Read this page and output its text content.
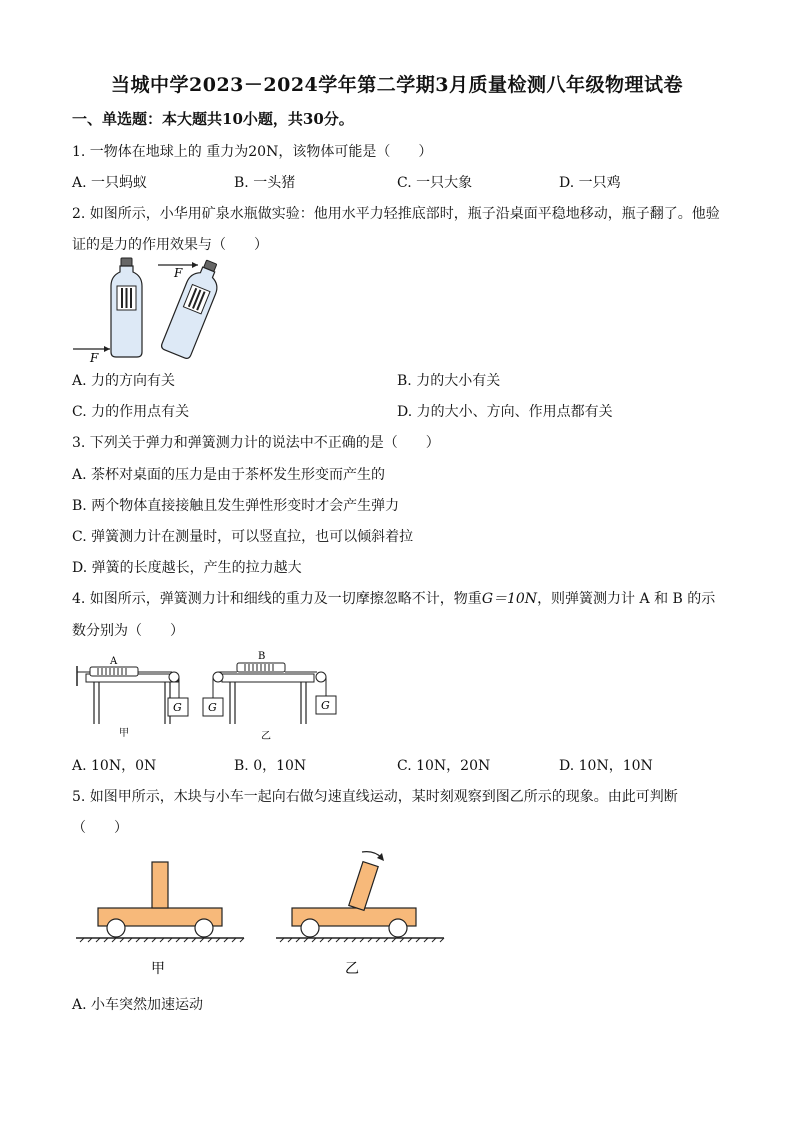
当城中学2023－2024学年第二学期3月质量检测八年级物理试卷
一、单选题：本大题共10小题，共30分。
1. 一物体在地球上的 重力为20N，该物体可能是（　　）
A. 一只蚂蚁	B. 一头猪	C. 一只大象	D. 一只鸡
2. 如图所示，小华用矿泉水瓶做实验：他用水平力轻推底部时，瓶子沿桌面平稳地移动，瓶子翻了。他验
证的是力的作用效果与（　　）
F
F
A. 力的方向有关	B. 力的大小有关
C. 力的作用点有关	D. 力的大小、方向、作用点都有关
3. 下列关于弹力和弹簧测力计的说法中不正确的是（　　）
A. 茶杯对桌面的压力是由于茶杯发生形变而产生的
B. 两个物体直接接触且发生弹性形变时才会产生弹力
C. 弹簧测力计在测量时，可以竖直拉，也可以倾斜着拉
D. 弹簧的长度越长，产生的拉力越大
4. 如图所示，弹簧测力计和细线的重力及一切摩擦忽略不计，物重G＝10N，则弹簧测力计 A 和 B 的示
数分别为（　　）
A
G
甲
G
B
G
乙
A. 10N，0N	B. 0，10N	C. 10N，20N	D. 10N，10N
5. 如图甲所示，木块与小车一起向右做匀速直线运动，某时刻观察到图乙所示的现象。由此可判断
（　　）
甲	乙
A. 小车突然加速运动
